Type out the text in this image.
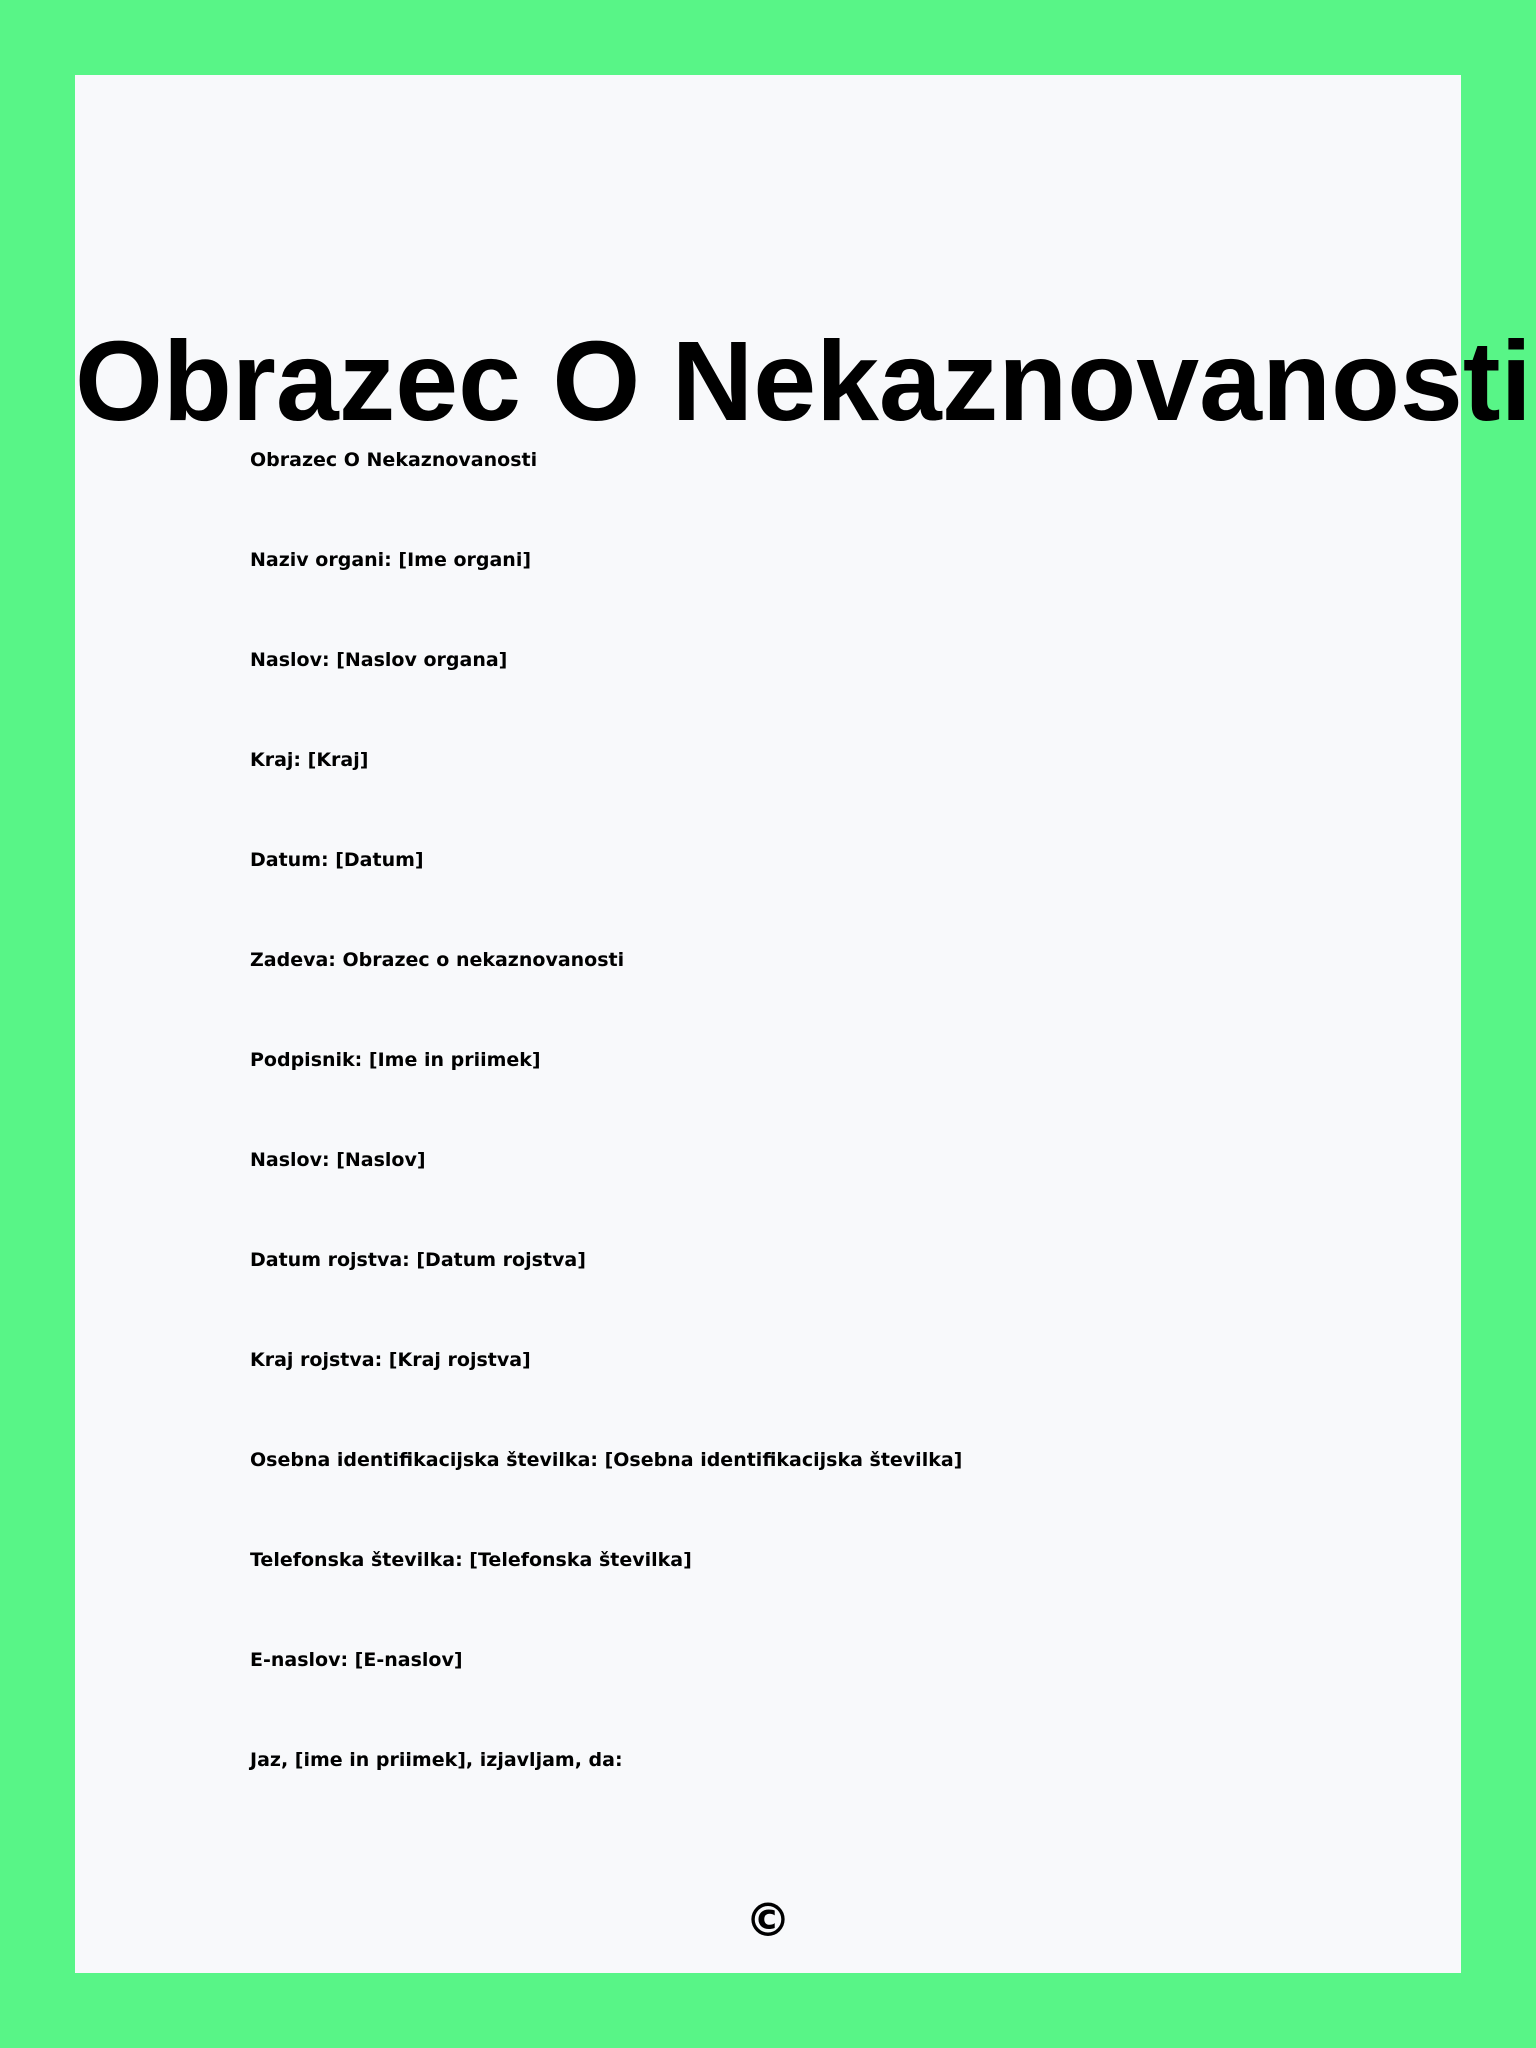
Obrazec O Nekaznovanosti
Obrazec O Nekaznovanosti
Naziv organi: [Ime organi]
Naslov: [Naslov organa]
Kraj: [Kraj]
Datum: [Datum]
Zadeva: Obrazec o nekaznovanosti
Podpisnik: [Ime in priimek]
Naslov: [Naslov]
Datum rojstva: [Datum rojstva]
Kraj rojstva: [Kraj rojstva]
Osebna identifikacijska številka: [Osebna identifikacijska številka]
Telefonska številka: [Telefonska številka]
E-naslov: [E-naslov]
Jaz, [ime in priimek], izjavljam, da:
©
